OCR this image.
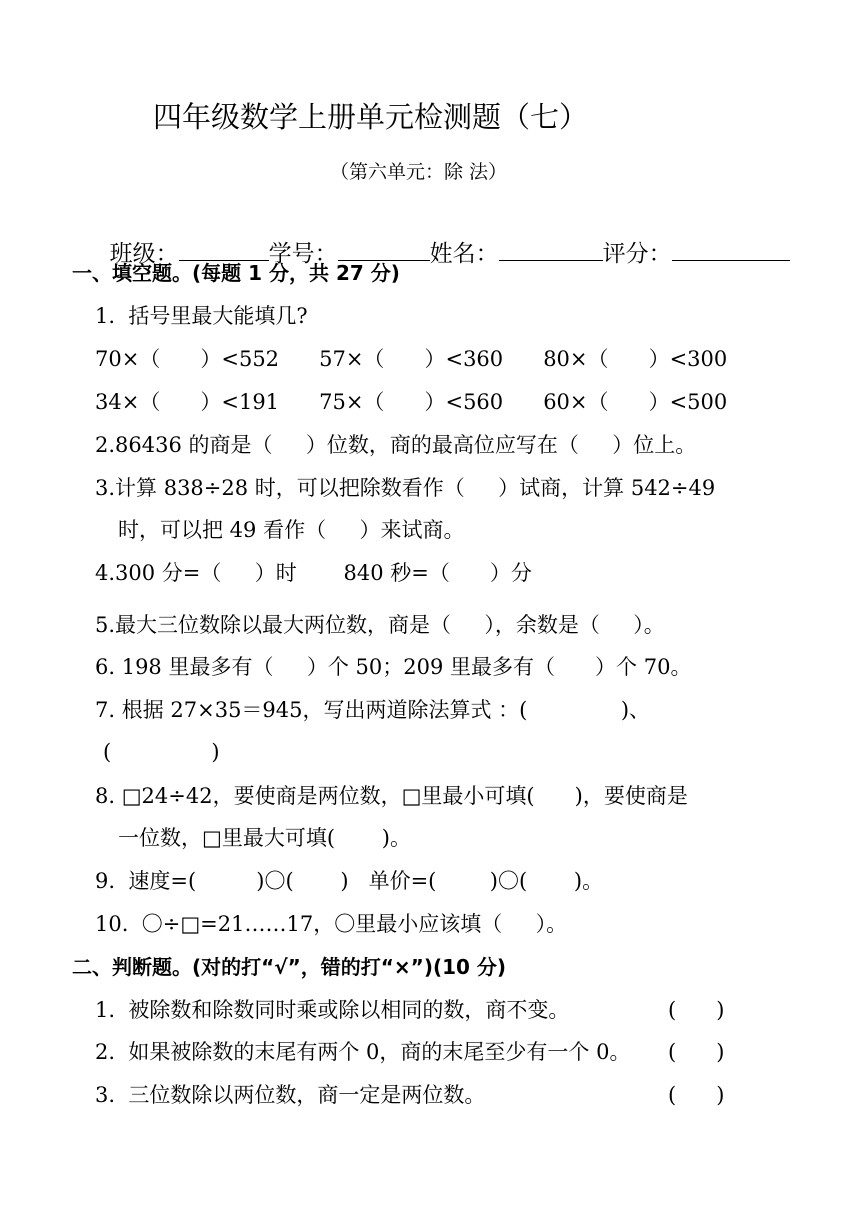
四年级数学上册单元检测题（七）
（第六单元：除 法）

班级：	学号：	姓名：	评分：

一、填空题。(每题 1 分，共 27 分)
1.  括号里最大能填几?
70×（      ）<552      57×（      ）<360      80×（      ）<300
34×（      ）<191      75×（      ）<560      60×（      ）<500
2.86436 的商是（     ）位数，商的最高位应写在（     ）位上。
3.计算 838÷28 时，可以把除数看作（     ）试商，计算 542÷49
时，可以把 49 看作（     ）来试商。
4.300 分=（     ）时       840 秒=（      ）分
5.最大三位数除以最大两位数，商是（     ），余数是（     ）。
6. 198 里最多有（     ）个 50；209 里最多有（      ）个 70。
7. 根据 27×35＝945，写出两道除法算式 ：(              )、
(               )
8. □24÷42，要使商是两位数，□里最小可填(      )，要使商是
一位数，□里最大可填(       )。
9.  速度=(         )〇(       )   单价=(        )〇(       )。
10.  〇÷□=21……17，〇里最小应该填（     ）。
二、判断题。(对的打“√”，错的打“×”)(10 分)
1.  被除数和除数同时乘或除以相同的数，商不变。	(      )
2.  如果被除数的末尾有两个 0，商的末尾至少有一个 0。 (      )
3.  三位数除以两位数，商一定是两位数。	(      )
